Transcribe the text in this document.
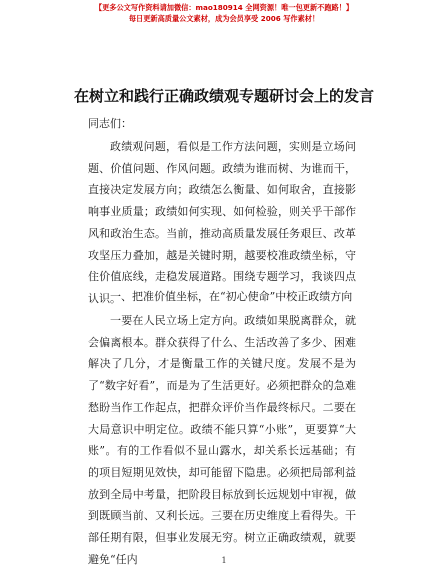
【更多公文写作资料请加微信：mao180914 全网资源！唯一包更新不跑路！】
每日更新高质量公文素材，成为会员享受 2006 写作素材！
在树立和践行正确政绩观专题研讨会上的发言
同志们：
政绩观问题，看似是工作方法问题，实则是立场问题、价值问题、作风问题。政绩为谁而树、为谁而干，直接决定发展方向；政绩怎么衡量、如何取舍，直接影响事业质量；政绩如何实现、如何检验，则关乎干部作风和政治生态。当前，推动高质量发展任务艰巨、改革攻坚压力叠加，越是关键时期，越要校准政绩坐标，守住价值底线，走稳发展道路。围绕专题学习，我谈四点认识。
一、把准价值坐标，在“初心使命”中校正政绩方向
一要在人民立场上定方向。政绩如果脱离群众，就会偏离根本。群众获得了什么、生活改善了多少、困难解决了几分，才是衡量工作的关键尺度。发展不是为了“数字好看”，而是为了生活更好。必须把群众的急难愁盼当作工作起点，把群众评价当作最终标尺。二要在大局意识中明定位。政绩不能只算“小账”，更要算“大账”。有的工作看似不显山露水，却关系长远基础；有的项目短期见效快，却可能留下隐患。必须把局部利益放到全局中考量，把阶段目标放到长远规划中审视，做到既顾当前、又利长远。三要在历史维度上看得失。干部任期有限，但事业发展无穷。树立正确政绩观，就要避免“任内	1
